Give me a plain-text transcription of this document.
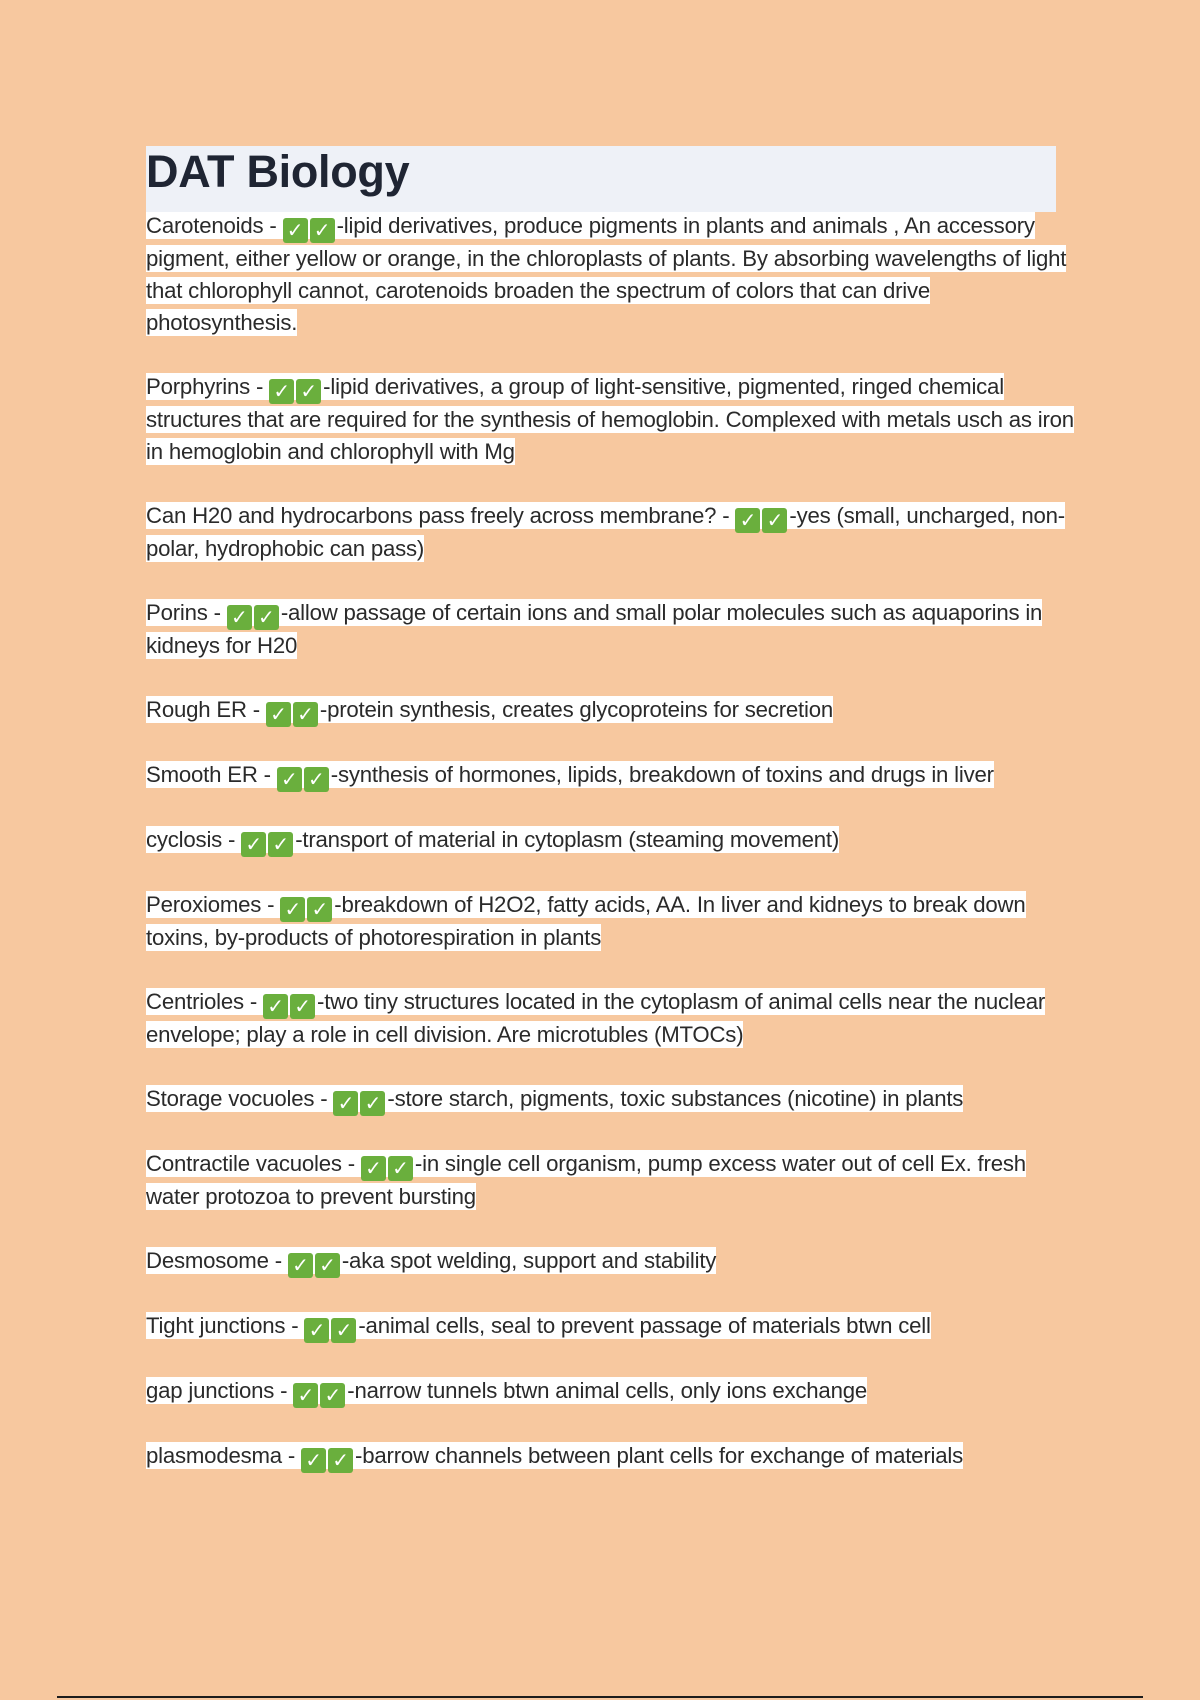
DAT Biology

Carotenoids - ✓ ✓ -lipid derivatives, produce pigments in plants and animals , An accessory pigment, either yellow or orange, in the chloroplasts of plants. By absorbing wavelengths of light that chlorophyll cannot, carotenoids broaden the spectrum of colors that can drive photosynthesis.

Porphyrins - ✓ ✓ -lipid derivatives, a group of light-sensitive, pigmented, ringed chemical structures that are required for the synthesis of hemoglobin. Complexed with metals usch as iron in hemoglobin and chlorophyll with Mg

Can H20 and hydrocarbons pass freely across membrane? - ✓ ✓ -yes (small, uncharged, non-polar, hydrophobic can pass)

Porins - ✓ ✓ -allow passage of certain ions and small polar molecules such as aquaporins in kidneys for H20

Rough ER - ✓ ✓ -protein synthesis, creates glycoproteins for secretion

Smooth ER - ✓ ✓ -synthesis of hormones, lipids, breakdown of toxins and drugs in liver

cyclosis - ✓ ✓ -transport of material in cytoplasm (steaming movement)

Peroxiomes - ✓ ✓ -breakdown of H2O2, fatty acids, AA. In liver and kidneys to break down toxins, by-products of photorespiration in plants

Centrioles - ✓ ✓ -two tiny structures located in the cytoplasm of animal cells near the nuclear envelope; play a role in cell division. Are microtubles (MTOCs)

Storage vocuoles - ✓ ✓ -store starch, pigments, toxic substances (nicotine) in plants

Contractile vacuoles - ✓ ✓ -in single cell organism, pump excess water out of cell Ex. fresh water protozoa to prevent bursting

Desmosome - ✓ ✓ -aka spot welding, support and stability

Tight junctions - ✓ ✓ -animal cells, seal to prevent passage of materials btwn cell

gap junctions - ✓ ✓ -narrow tunnels btwn animal cells, only ions exchange

plasmodesma - ✓ ✓ -barrow channels between plant cells for exchange of materials
